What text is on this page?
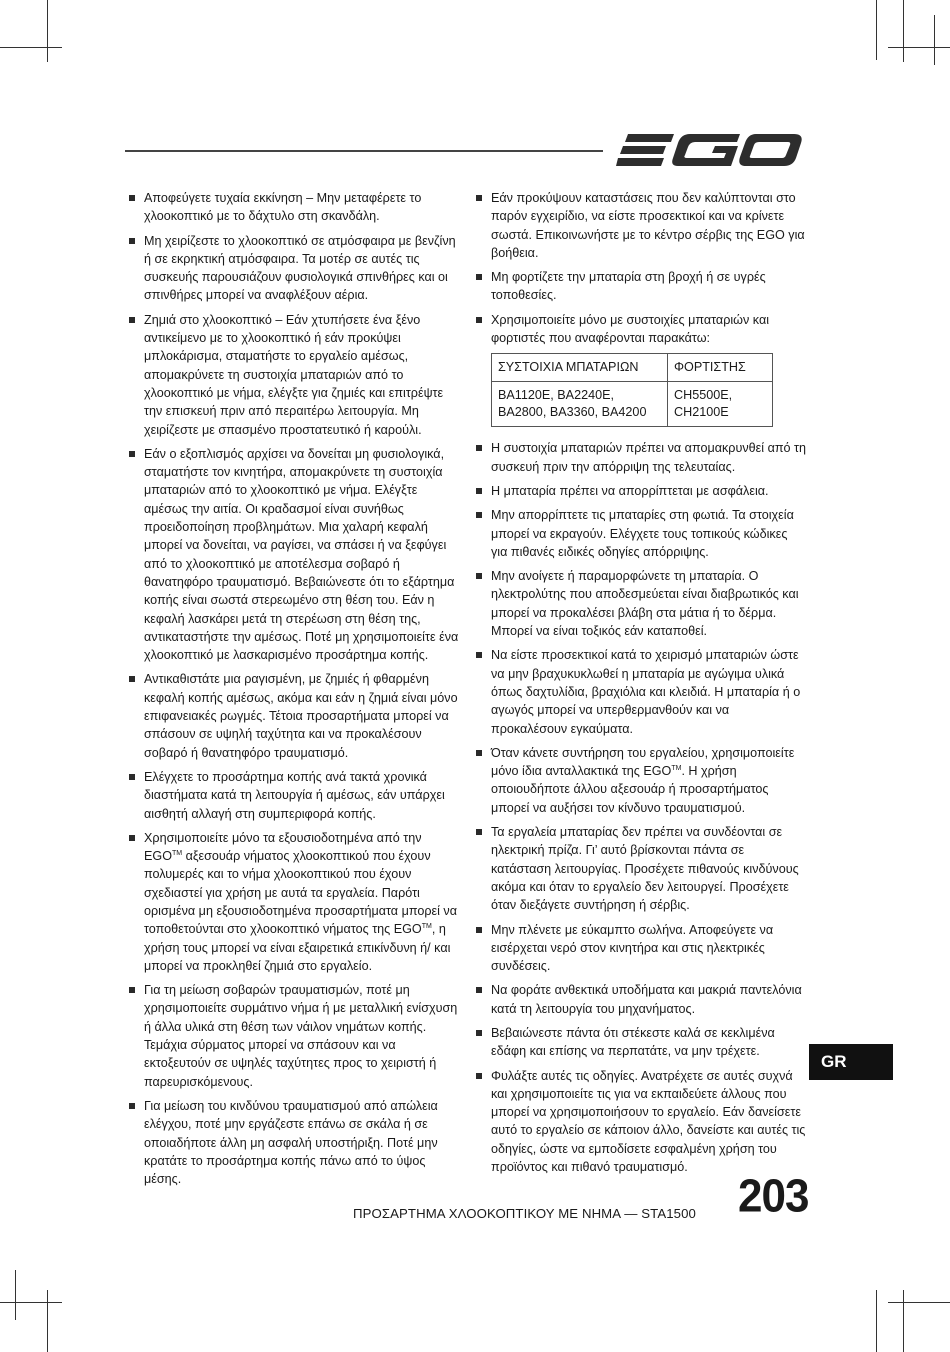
Αποφεύγετε τυχαία εκκίνηση – Μην μεταφέρετε το χλοοκοπτικό με το δάχτυλο στη σκανδάλη.
Μη χειρίζεστε το χλοοκοπτικό σε ατμόσφαιρα με βενζίνη ή σε εκρηκτική ατμόσφαιρα. Τα μοτέρ σε αυτές τις συσκευής παρουσιάζουν φυσιολογικά σπινθήρες και οι σπινθήρες μπορεί να αναφλέξουν αέρια.
Ζημιά στο χλοοκοπτικό – Εάν χτυπήσετε ένα ξένο αντικείμενο με το χλοοκοπτικό ή εάν προκύψει μπλοκάρισμα, σταματήστε το εργαλείο αμέσως, απομακρύνετε τη συστοιχία μπαταριών από το χλοοκοπτικό με νήμα, ελέγξτε για ζημιές και επιτρέψτε την επισκευή πριν από περαιτέρω λειτουργία. Μη χειρίζεστε με σπασμένο προστατευτικό ή καρούλι.
Εάν ο εξοπλισμός αρχίσει να δονείται μη φυσιολογικά, σταματήστε τον κινητήρα, απομακρύνετε τη συστοιχία μπαταριών από το χλοοκοπτικό με νήμα. Ελέγξτε αμέσως την αιτία. Οι κραδασμοί είναι συνήθως προειδοποίηση προβλημάτων. Μια χαλαρή κεφαλή μπορεί να δονείται, να ραγίσει, να σπάσει ή να ξεφύγει από το χλοοκοπτικό με αποτέλεσμα σοβαρό ή θανατηφόρο τραυματισμό. Βεβαιώνεστε ότι το εξάρτημα κοπής είναι σωστά στερεωμένο στη θέση του. Εάν η κεφαλή λασκάρει μετά τη στερέωση στη θέση της, αντικαταστήστε την αμέσως. Ποτέ μη χρησιμοποιείτε ένα χλοοκοπτικό με λασκαρισμένο προσάρτημα κοπής.
Αντικαθιστάτε μια ραγισμένη, με ζημιές ή φθαρμένη κεφαλή κοπής αμέσως, ακόμα και εάν η ζημιά είναι μόνο επιφανειακές ρωγμές. Τέτοια προσαρτήματα μπορεί να σπάσουν σε υψηλή ταχύτητα και να προκαλέσουν σοβαρό ή θανατηφόρο τραυματισμό.
Ελέγχετε το προσάρτημα κοπής ανά τακτά χρονικά διαστήματα κατά τη λειτουργία ή αμέσως, εάν υπάρχει αισθητή αλλαγή στη συμπεριφορά κοπής.
Χρησιμοποιείτε μόνο τα εξουσιοδοτημένα από την EGO™ αξεσουάρ νήματος χλοοκοπτικού που έχουν πολυμερές και το νήμα χλοοκοπτικού που έχουν σχεδιαστεί για χρήση με αυτά τα εργαλεία. Παρότι ορισμένα μη εξουσιοδοτημένα προσαρτήματα μπορεί να τοποθετούνται στο χλοοκοπτικό νήματος της EGO™, η χρήση τους μπορεί να είναι εξαιρετικά επικίνδυνη ή/ και μπορεί να προκληθεί ζημιά στο εργαλείο.
Για τη μείωση σοβαρών τραυματισμών, ποτέ μη χρησιμοποιείτε συρμάτινο νήμα ή με μεταλλική ενίσχυση ή άλλα υλικά στη θέση των νάιλον νημάτων κοπής. Τεμάχια σύρματος μπορεί να σπάσουν και να εκτοξευτούν σε υψηλές ταχύτητες προς το χειριστή ή παρευρισκόμενους.
Για μείωση του κινδύνου τραυματισμού από απώλεια ελέγχου, ποτέ μην εργάζεστε επάνω σε σκάλα ή σε οποιαδήποτε άλλη μη ασφαλή υποστήριξη. Ποτέ μην κρατάτε το προσάρτημα κοπής πάνω από το ύψος μέσης.
Εάν προκύψουν καταστάσεις που δεν καλύπτονται στο παρόν εγχειρίδιο, να είστε προσεκτικοί και να κρίνετε σωστά. Επικοινωνήστε με το κέντρο σέρβις της EGO για βοήθεια.
Μη φορτίζετε την μπαταρία στη βροχή ή σε υγρές τοποθεσίες.
Χρησιμοποιείτε μόνο με συστοιχίες μπαταριών και φορτιστές που αναφέρονται παρακάτω:
ΣΥΣΤΟΙΧΙΑ ΜΠΑΤΑΡΙΩΝ	ΦΟΡΤΙΣΤΗΣ
BA1120E, BA2240E, BA2800, BA3360, BA4200	CH5500E, CH2100E
Η συστοιχία μπαταριών πρέπει να απομακρυνθεί από τη συσκευή πριν την απόρριψη της τελευταίας.
Η μπαταρία πρέπει να απορρίπτεται με ασφάλεια.
Μην απορρίπτετε τις μπαταρίες στη φωτιά. Τα στοιχεία μπορεί να εκραγούν. Ελέγχετε τους τοπικούς κώδικες για πιθανές ειδικές οδηγίες απόρριψης.
Μην ανοίγετε ή παραμορφώνετε τη μπαταρία. Ο ηλεκτρολύτης που αποδεσμεύεται είναι διαβρωτικός και μπορεί να προκαλέσει βλάβη στα μάτια ή το δέρμα. Μπορεί να είναι τοξικός εάν καταποθεί.
Να είστε προσεκτικοί κατά το χειρισμό μπαταριών ώστε να μην βραχυκυκλωθεί η μπαταρία με αγώγιμα υλικά όπως δαχτυλίδια, βραχιόλια και κλειδιά. Η μπαταρία ή ο αγωγός μπορεί να υπερθερμανθούν και να προκαλέσουν εγκαύματα.
Όταν κάνετε συντήρηση του εργαλείου, χρησιμοποιείτε μόνο ίδια ανταλλακτικά της EGO™. Η χρήση οποιουδήποτε άλλου αξεσουάρ ή προσαρτήματος μπορεί να αυξήσει τον κίνδυνο τραυματισμού.
Τα εργαλεία μπαταρίας δεν πρέπει να συνδέονται σε ηλεκτρική πρίζα. Γι’ αυτό βρίσκονται πάντα σε κατάσταση λειτουργίας. Προσέχετε πιθανούς κινδύνους ακόμα και όταν το εργαλείο δεν λειτουργεί. Προσέχετε όταν διεξάγετε συντήρηση ή σέρβις.
Μην πλένετε με εύκαμπτο σωλήνα. Αποφεύγετε να εισέρχεται νερό στον κινητήρα και στις ηλεκτρικές συνδέσεις.
Να φοράτε ανθεκτικά υποδήματα και μακριά παντελόνια κατά τη λειτουργία του μηχανήματος.
Βεβαιώνεστε πάντα ότι στέκεστε καλά σε κεκλιμένα εδάφη και επίσης να περπατάτε, να μην τρέχετε.
Φυλάξτε αυτές τις οδηγίες. Ανατρέχετε σε αυτές συχνά και χρησιμοποιείτε τις για να εκπαιδεύετε άλλους που μπορεί να χρησιμοποιήσουν το εργαλείο. Εάν δανείσετε αυτό το εργαλείο σε κάποιον άλλο, δανείστε και αυτές τις οδηγίες, ώστε να εμποδίσετε εσφαλμένη χρήση του προϊόντος και πιθανό τραυματισμό.
GR
ΠΡΟΣΑΡΤΗΜΑ ΧΛΟΟΚΟΠΤΙΚΟΥ ΜΕ ΝΗΜΑ — STA1500 203
